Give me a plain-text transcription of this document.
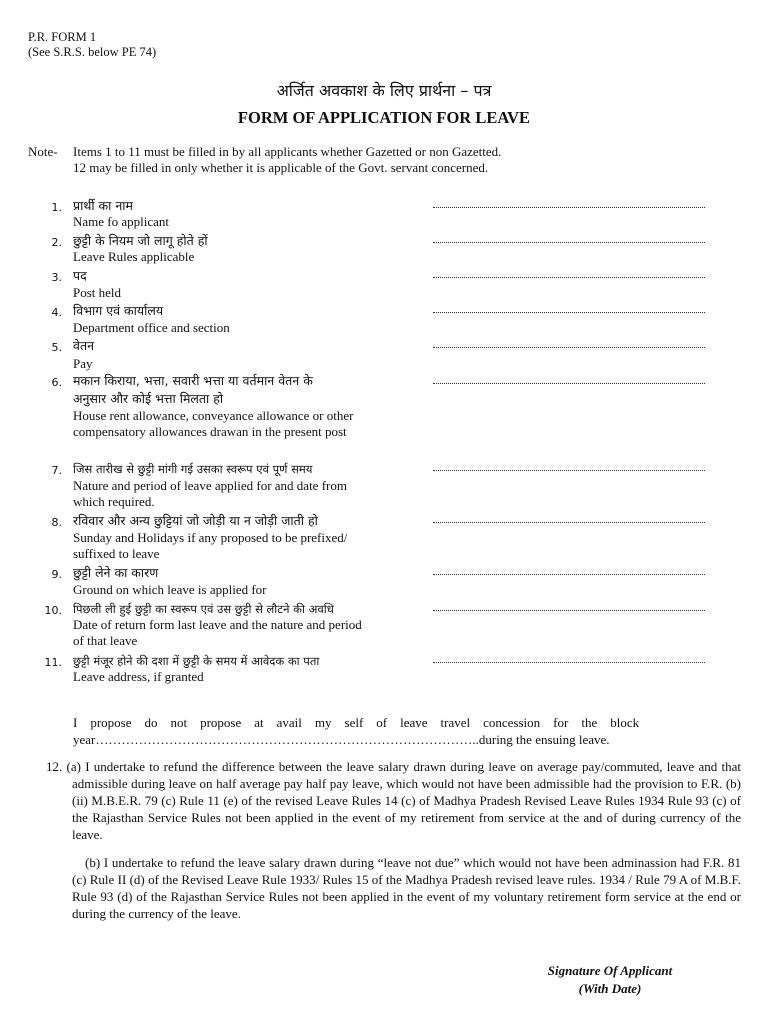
P.R. FORM 1
(See S.R.S. below PE 74)
अर्जित अवकाश के लिए प्रार्थना – पत्र
FORM OF APPLICATION FOR LEAVE
Note- Items 1 to 11 must be filled in by all applicants whether Gazetted or non Gazetted.
12 may be filled in only whether it is applicable of the Govt. servant concerned.
1. प्रार्थी का नाम
Name fo applicant
2. छुट्टी के नियम जो लागू होते हों
Leave Rules applicable
3. पद
Post held
4. विभाग एवं कार्यालय
Department office and section
5. वेतन
Pay
6. मकान किराया, भत्ता, सवारी भत्ता या वर्तमान वेतन के
अनुसार और कोई भत्ता मिलता हो
House rent allowance, conveyance allowance or other compensatory allowances drawan in the present post
7. जिस तारीख से छुट्टी मांगी गई उसका स्वरूप एवं पूर्ण समय
Nature and period of leave applied for and date from which required.
8. रविवार और अन्य छुट्टियां जो जोड़ी या न जोड़ी जाती हो
Sunday and Holidays if any proposed to be prefixed/ suffixed to leave
9. छुट्टी लेने का कारण
Ground on which leave is applied for
10. पिछली ली हुई छुट्टी का स्वरूप एवं उस छुट्टी से लौटने की अवधि
Date of return form last leave and the nature and period of that leave
11. छुट्टी मंजूर होने की दशा में छुट्टी के समय में आवेदक का पता
Leave address, if granted
I    propose    do    not    propose    at    avail    my    self    of    leave    travel    concession    for    the    block
year……………………………………………………………………………..during the ensuing leave.
12. (a) I undertake to refund the difference between the leave salary drawn during leave on average pay/commuted, leave and that admissible during leave on half average pay half pay leave, which would not have been admissible had the provision to F.R. (b) (ii) M.B.E.R. 79 (c) Rule 11 (e) of the revised Leave Rules 14 (c) of Madhya Pradesh Revised Leave Rules 1934 Rule 93 (c) of the Rajasthan Service Rules not been applied in the event of my retirement from service at the and of during currency of the leave.
(b) I undertake to refund the leave salary drawn during “leave not due” which would not have been adminassion had F.R. 81 (c) Rule II (d) of the Revised Leave Rule 1933/ Rules 15 of the Madhya Pradesh revised leave rules. 1934 / Rule 79 A of M.B.F. Rule 93 (d) of the Rajasthan Service Rules not been applied in the event of my voluntary retirement form service at the end or during the currency of the leave.
Signature Of Applicant
(With Date)
